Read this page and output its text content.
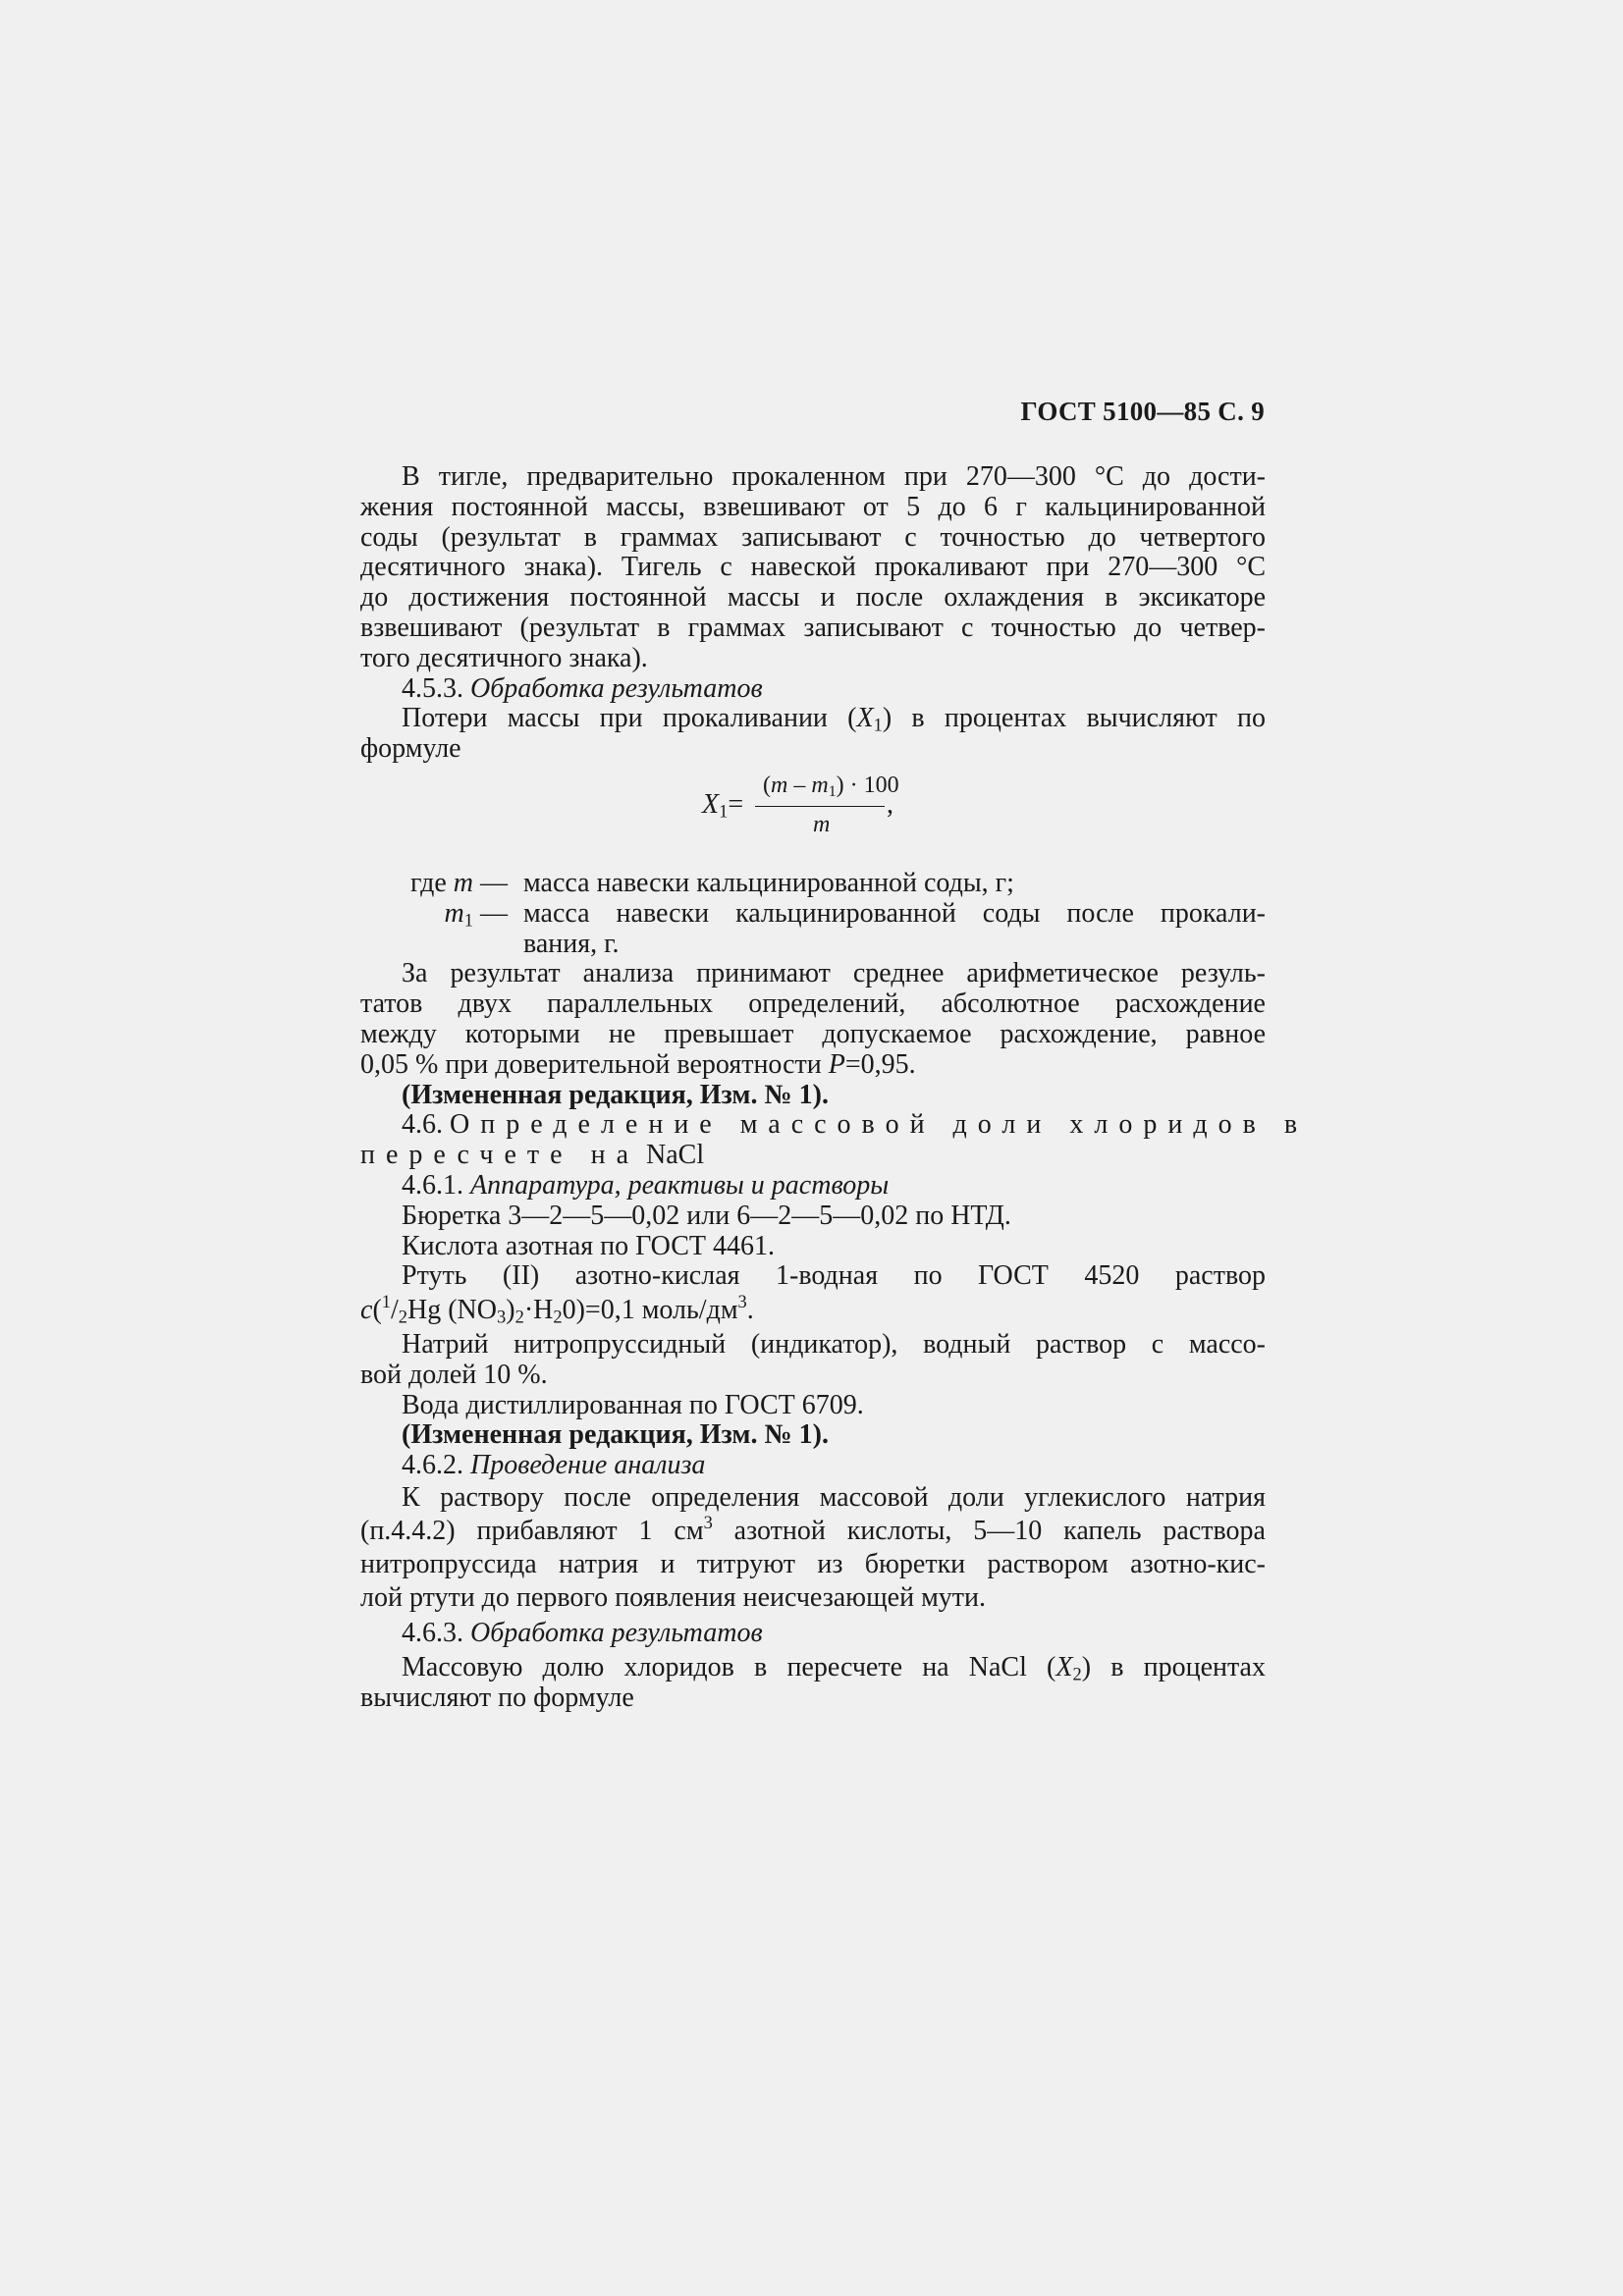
ГОСТ 5100—85 С. 9
В тигле, предварительно прокаленном при 270—300 °С до дости-
жения постоянной массы, взвешивают от 5 до 6 г кальцинированной
соды (результат в граммах записывают с точностью до четвертого
десятичного знака). Тигель с навеской прокаливают при 270—300 °С
до достижения постоянной массы и после охлаждения в эксикаторе
взвешивают (результат в граммах записывают с точностью до четвер-
того десятичного знака).
4.5.3. Обработка результатов
Потери массы при прокаливании $(X_1)$ в процентах вычисляют по
формуле
$X_1=$
$(m - m_1) \cdot 100$
m
,
где m — масса навески кальцинированной соды, г;
$m_1$ — масса навески кальцинированной соды после прокали-
вания, г.
За результат анализа принимают среднее арифметическое резуль-
татов двух параллельных определений, абсолютное расхождение
между которыми не превышает допускаемое расхождение, равное
0,05 % при доверительной вероятности P=0,95.
(Измененная редакция, Изм. № 1).
4.6. Определение массовой доли хлоридов в
пересчете на NaCl
4.6.1. Аппаратура, реактивы и растворы
Бюретка 3—2—5—0,02 или 6—2—5—0,02 по НТД.
Кислота азотная по ГОСТ 4461.
Ртуть (II) азотно-кислая 1-водная по ГОСТ 4520 раствор
$c(^1/_2Hg$ $(NO_3)_2\cdot H_20)=0,1$ моль/$дм^3$.
Натрий нитропруссидный (индикатор), водный раствор с массо-
вой долей 10 %.
Вода дистиллированная по ГОСТ 6709.
(Измененная редакция, Изм. № 1).
4.6.2. Проведение анализа
К раствору после определения массовой доли углекислого натрия
(п.4.4.2) прибавляют 1 $см^3$ азотной кислоты, 5—10 капель раствора
нитропруссида натрия и титруют из бюретки раствором азотно-кис-
лой ртути до первого появления неисчезающей мути.
4.6.3. Обработка результатов
Массовую долю хлоридов в пересчете на NaCl $(X_2)$ в процентах
вычисляют по формуле
